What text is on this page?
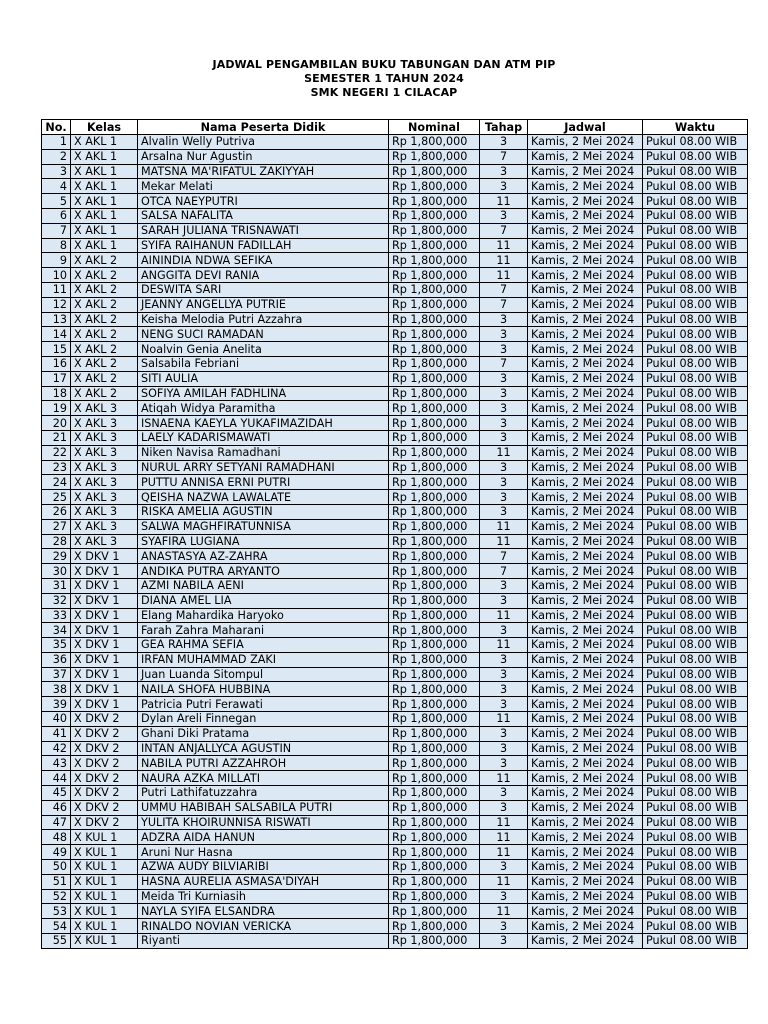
JADWAL PENGAMBILAN BUKU TABUNGAN DAN ATM PIP
SEMESTER 1 TAHUN 2024
SMK NEGERI 1 CILACAP
No.	Kelas	Nama Peserta Didik	Nominal	Tahap	Jadwal	Waktu
1	X AKL 1	Alvalin Welly Putriva	Rp 1,800,000	3	Kamis, 2 Mei 2024	Pukul 08.00 WIB
2	X AKL 1	Arsalna Nur Agustin	Rp 1,800,000	7	Kamis, 2 Mei 2024	Pukul 08.00 WIB
3	X AKL 1	MATSNA MA'RIFATUL ZAKIYYAH	Rp 1,800,000	3	Kamis, 2 Mei 2024	Pukul 08.00 WIB
4	X AKL 1	Mekar Melati	Rp 1,800,000	3	Kamis, 2 Mei 2024	Pukul 08.00 WIB
5	X AKL 1	OTCA NAEYPUTRI	Rp 1,800,000	11	Kamis, 2 Mei 2024	Pukul 08.00 WIB
6	X AKL 1	SALSA NAFALITA	Rp 1,800,000	3	Kamis, 2 Mei 2024	Pukul 08.00 WIB
7	X AKL 1	SARAH JULIANA TRISNAWATI	Rp 1,800,000	7	Kamis, 2 Mei 2024	Pukul 08.00 WIB
8	X AKL 1	SYIFA RAIHANUN FADILLAH	Rp 1,800,000	11	Kamis, 2 Mei 2024	Pukul 08.00 WIB
9	X AKL 2	AININDIA NDWA SEFIKA	Rp 1,800,000	11	Kamis, 2 Mei 2024	Pukul 08.00 WIB
10	X AKL 2	ANGGITA DEVI RANIA	Rp 1,800,000	11	Kamis, 2 Mei 2024	Pukul 08.00 WIB
11	X AKL 2	DESWITA SARI	Rp 1,800,000	7	Kamis, 2 Mei 2024	Pukul 08.00 WIB
12	X AKL 2	JEANNY ANGELLYA PUTRIE	Rp 1,800,000	7	Kamis, 2 Mei 2024	Pukul 08.00 WIB
13	X AKL 2	Keisha Melodia Putri Azzahra	Rp 1,800,000	3	Kamis, 2 Mei 2024	Pukul 08.00 WIB
14	X AKL 2	NENG SUCI RAMADAN	Rp 1,800,000	3	Kamis, 2 Mei 2024	Pukul 08.00 WIB
15	X AKL 2	Noalvin Genia Anelita	Rp 1,800,000	3	Kamis, 2 Mei 2024	Pukul 08.00 WIB
16	X AKL 2	Salsabila Febriani	Rp 1,800,000	7	Kamis, 2 Mei 2024	Pukul 08.00 WIB
17	X AKL 2	SITI AULIA	Rp 1,800,000	3	Kamis, 2 Mei 2024	Pukul 08.00 WIB
18	X AKL 2	SOFIYA AMILAH FADHLINA	Rp 1,800,000	3	Kamis, 2 Mei 2024	Pukul 08.00 WIB
19	X AKL 3	Atiqah Widya Paramitha	Rp 1,800,000	3	Kamis, 2 Mei 2024	Pukul 08.00 WIB
20	X AKL 3	ISNAENA KAEYLA YUKAFIMAZIDAH	Rp 1,800,000	3	Kamis, 2 Mei 2024	Pukul 08.00 WIB
21	X AKL 3	LAELY KADARISMAWATI	Rp 1,800,000	3	Kamis, 2 Mei 2024	Pukul 08.00 WIB
22	X AKL 3	Niken Navisa Ramadhani	Rp 1,800,000	11	Kamis, 2 Mei 2024	Pukul 08.00 WIB
23	X AKL 3	NURUL ARRY SETYANI RAMADHANI	Rp 1,800,000	3	Kamis, 2 Mei 2024	Pukul 08.00 WIB
24	X AKL 3	PUTTU ANNISA ERNI PUTRI	Rp 1,800,000	3	Kamis, 2 Mei 2024	Pukul 08.00 WIB
25	X AKL 3	QEISHA NAZWA LAWALATE	Rp 1,800,000	3	Kamis, 2 Mei 2024	Pukul 08.00 WIB
26	X AKL 3	RISKA AMELIA AGUSTIN	Rp 1,800,000	3	Kamis, 2 Mei 2024	Pukul 08.00 WIB
27	X AKL 3	SALWA MAGHFIRATUNNISA	Rp 1,800,000	11	Kamis, 2 Mei 2024	Pukul 08.00 WIB
28	X AKL 3	SYAFIRA LUGIANA	Rp 1,800,000	11	Kamis, 2 Mei 2024	Pukul 08.00 WIB
29	X DKV 1	ANASTASYA AZ-ZAHRA	Rp 1,800,000	7	Kamis, 2 Mei 2024	Pukul 08.00 WIB
30	X DKV 1	ANDIKA PUTRA ARYANTO	Rp 1,800,000	7	Kamis, 2 Mei 2024	Pukul 08.00 WIB
31	X DKV 1	AZMI NABILA AENI	Rp 1,800,000	3	Kamis, 2 Mei 2024	Pukul 08.00 WIB
32	X DKV 1	DIANA AMEL LIA	Rp 1,800,000	3	Kamis, 2 Mei 2024	Pukul 08.00 WIB
33	X DKV 1	Elang Mahardika Haryoko	Rp 1,800,000	11	Kamis, 2 Mei 2024	Pukul 08.00 WIB
34	X DKV 1	Farah Zahra Maharani	Rp 1,800,000	3	Kamis, 2 Mei 2024	Pukul 08.00 WIB
35	X DKV 1	GEA RAHMA SEFIA	Rp 1,800,000	11	Kamis, 2 Mei 2024	Pukul 08.00 WIB
36	X DKV 1	IRFAN MUHAMMAD ZAKI	Rp 1,800,000	3	Kamis, 2 Mei 2024	Pukul 08.00 WIB
37	X DKV 1	Juan Luanda Sitompul	Rp 1,800,000	3	Kamis, 2 Mei 2024	Pukul 08.00 WIB
38	X DKV 1	NAILA SHOFA HUBBINA	Rp 1,800,000	3	Kamis, 2 Mei 2024	Pukul 08.00 WIB
39	X DKV 1	Patricia Putri Ferawati	Rp 1,800,000	3	Kamis, 2 Mei 2024	Pukul 08.00 WIB
40	X DKV 2	Dylan Areli Finnegan	Rp 1,800,000	11	Kamis, 2 Mei 2024	Pukul 08.00 WIB
41	X DKV 2	Ghani Diki Pratama	Rp 1,800,000	3	Kamis, 2 Mei 2024	Pukul 08.00 WIB
42	X DKV 2	INTAN ANJALLYCA AGUSTIN	Rp 1,800,000	3	Kamis, 2 Mei 2024	Pukul 08.00 WIB
43	X DKV 2	NABILA PUTRI AZZAHROH	Rp 1,800,000	3	Kamis, 2 Mei 2024	Pukul 08.00 WIB
44	X DKV 2	NAURA AZKA MILLATI	Rp 1,800,000	11	Kamis, 2 Mei 2024	Pukul 08.00 WIB
45	X DKV 2	Putri Lathifatuzzahra	Rp 1,800,000	3	Kamis, 2 Mei 2024	Pukul 08.00 WIB
46	X DKV 2	UMMU HABIBAH SALSABILA PUTRI	Rp 1,800,000	3	Kamis, 2 Mei 2024	Pukul 08.00 WIB
47	X DKV 2	YULITA KHOIRUNNISA RISWATI	Rp 1,800,000	11	Kamis, 2 Mei 2024	Pukul 08.00 WIB
48	X KUL 1	ADZRA AIDA HANUN	Rp 1,800,000	11	Kamis, 2 Mei 2024	Pukul 08.00 WIB
49	X KUL 1	Aruni Nur Hasna	Rp 1,800,000	11	Kamis, 2 Mei 2024	Pukul 08.00 WIB
50	X KUL 1	AZWA AUDY BILVIARIBI	Rp 1,800,000	3	Kamis, 2 Mei 2024	Pukul 08.00 WIB
51	X KUL 1	HASNA AURELIA ASMASA'DIYAH	Rp 1,800,000	11	Kamis, 2 Mei 2024	Pukul 08.00 WIB
52	X KUL 1	Meida Tri Kurniasih	Rp 1,800,000	3	Kamis, 2 Mei 2024	Pukul 08.00 WIB
53	X KUL 1	NAYLA SYIFA ELSANDRA	Rp 1,800,000	11	Kamis, 2 Mei 2024	Pukul 08.00 WIB
54	X KUL 1	RINALDO NOVIAN VERICKA	Rp 1,800,000	3	Kamis, 2 Mei 2024	Pukul 08.00 WIB
55	X KUL 1	Riyanti	Rp 1,800,000	3	Kamis, 2 Mei 2024	Pukul 08.00 WIB
